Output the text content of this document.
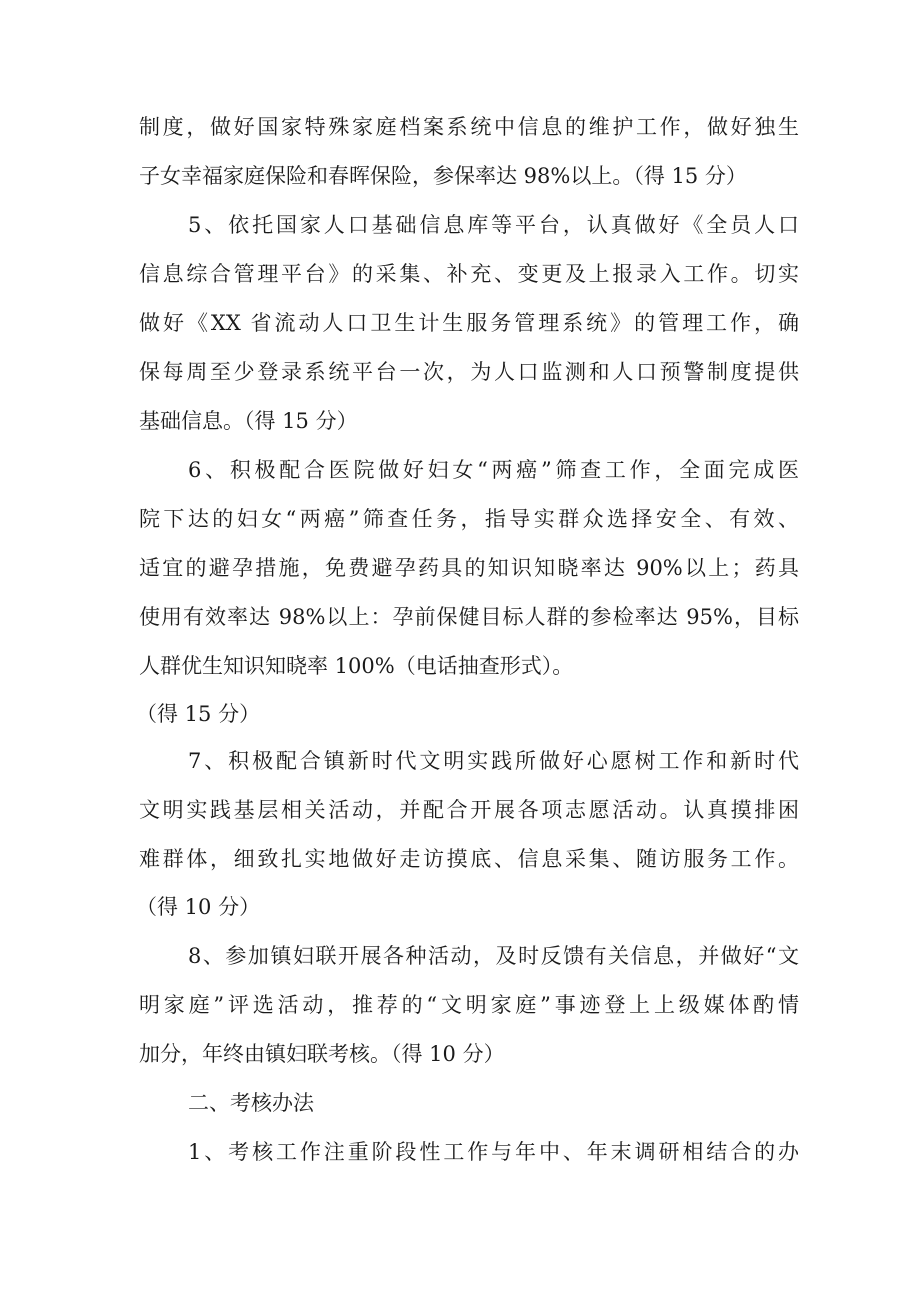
制度，做好国家特殊家庭档案系统中信息的维护工作，做好独生
子女幸福家庭保险和春晖保险，参保率达 98%以上。（得 15 分）
5、依托国家人口基础信息库等平台，认真做好《全员人口
信息综合管理平台》的采集、补充、变更及上报录入工作。切实
做好《XX 省流动人口卫生计生服务管理系统》的管理工作，确
保每周至少登录系统平台一次，为人口监测和人口预警制度提供
基础信息。（得 15 分）
6、积极配合医院做好妇女“两癌”筛查工作，全面完成医
院下达的妇女“两癌”筛查任务，指导实群众选择安全、有效、
适宜的避孕措施，免费避孕药具的知识知晓率达 90%以上；药具
使用有效率达 98%以上：孕前保健目标人群的参检率达 95%，目标
人群优生知识知晓率 100%（电话抽查形式）。
（得 15 分）
7、积极配合镇新时代文明实践所做好心愿树工作和新时代
文明实践基层相关活动，并配合开展各项志愿活动。认真摸排困
难群体，细致扎实地做好走访摸底、信息采集、随访服务工作。
（得 10 分）
8、参加镇妇联开展各种活动，及时反馈有关信息，并做好“文
明家庭”评选活动，推荐的“文明家庭”事迹登上上级媒体酌情
加分，年终由镇妇联考核。（得 10 分）
二、考核办法
1、考核工作注重阶段性工作与年中、年末调研相结合的办
